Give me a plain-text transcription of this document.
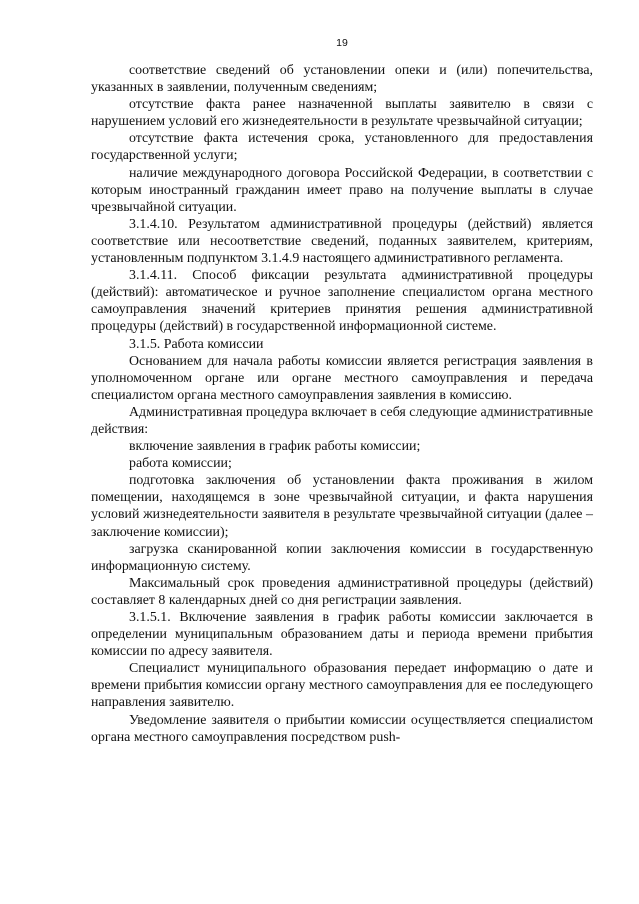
19

соответствие сведений об установлении опеки и (или) попечительства, указанных в заявлении, полученным сведениям;

отсутствие факта ранее назначенной выплаты заявителю в связи с нарушением условий его жизнедеятельности в результате чрезвычайной ситуации;

отсутствие факта истечения срока, установленного для предоставления государственной услуги;

наличие международного договора Российской Федерации, в соответствии с которым иностранный гражданин имеет право на получение выплаты в случае чрезвычайной ситуации.

3.1.4.10. Результатом административной процедуры (действий) является соответствие или несоответствие сведений, поданных заявителем, критериям, установленным подпунктом 3.1.4.9 настоящего административного регламента.

3.1.4.11. Способ фиксации результата административной процедуры (действий): автоматическое и ручное заполнение специалистом органа местного самоуправления значений критериев принятия решения административной процедуры (действий) в государственной информационной системе.

3.1.5. Работа комиссии

Основанием для начала работы комиссии является регистрация заявления в уполномоченном органе или органе местного самоуправления и передача специалистом органа местного самоуправления заявления в комиссию.

Административная процедура включает в себя следующие административные действия:

включение заявления в график работы комиссии;

работа комиссии;

подготовка заключения об установлении факта проживания в жилом помещении, находящемся в зоне чрезвычайной ситуации, и факта нарушения условий жизнедеятельности заявителя в результате чрезвычайной ситуации (далее – заключение комиссии);

загрузка сканированной копии заключения комиссии в государственную информационную систему.

Максимальный срок проведения административной процедуры (действий) составляет 8 календарных дней со дня регистрации заявления.

3.1.5.1. Включение заявления в график работы комиссии заключается в определении муниципальным образованием даты и периода времени прибытия комиссии по адресу заявителя.

Специалист муниципального образования передает информацию о дате и времени прибытия комиссии органу местного самоуправления для ее последующего направления заявителю.

Уведомление заявителя о прибытии комиссии осуществляется специалистом органа местного самоуправления посредством push-
